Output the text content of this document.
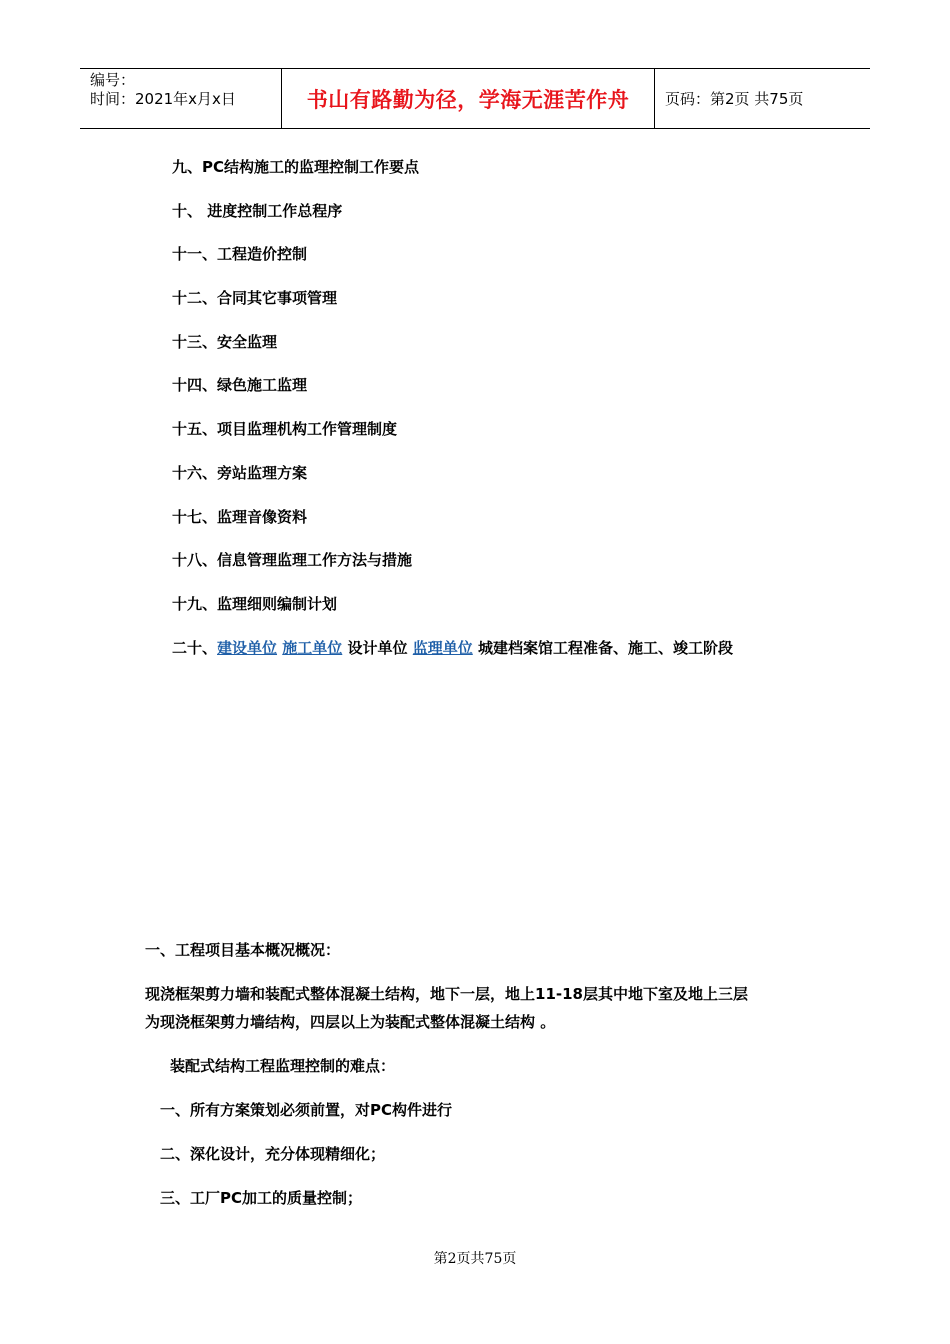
编号：
时间：2021年x月x日	书山有路勤为径，学海无涯苦作舟 页码：第2页 共75页
九、PC结构施工的监理控制工作要点
十、 进度控制工作总程序
十一、工程造价控制
十二、合同其它事项管理
十三、安全监理
十四、绿色施工监理
十五、项目监理机构工作管理制度
十六、旁站监理方案
十七、监理音像资料
十八、信息管理监理工作方法与措施
十九、监理细则编制计划
二十、建设单位 施工单位 设计单位 监理单位 城建档案馆工程准备、施工、竣工阶段
一、工程项目基本概况概况：
现浇框架剪力墙和装配式整体混凝土结构，地下一层，地上11-18层其中地下室及地上三层
为现浇框架剪力墙结构，四层以上为装配式整体混凝土结构 。
装配式结构工程监理控制的难点：
一、所有方案策划必须前置，对PC构件进行
二、深化设计，充分体现精细化；
三、工厂PC加工的质量控制；
第2页共75页
